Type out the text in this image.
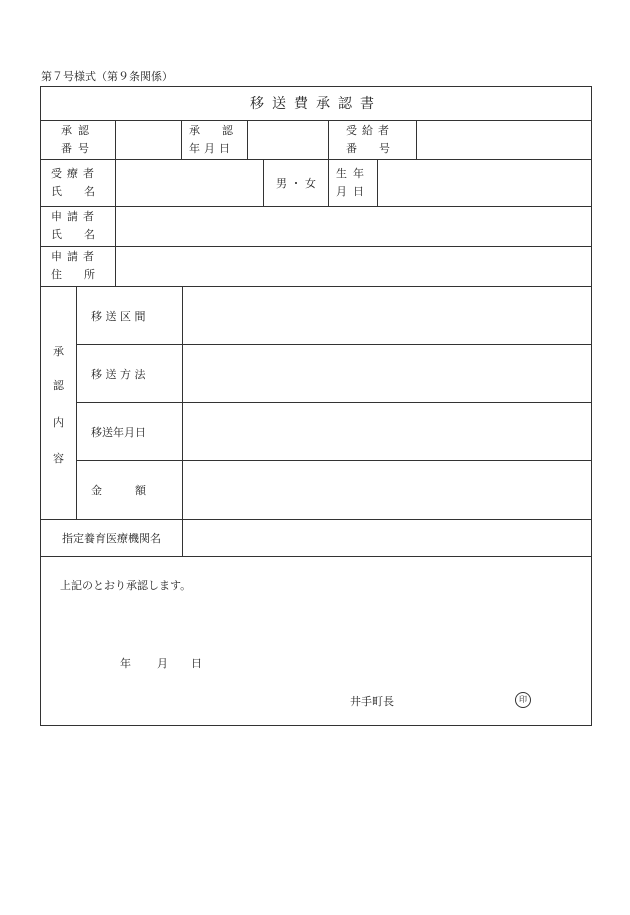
第７号様式（第９条関係）
移送費承認書
承認
番号
承　　認
年月日
受給者
番　　号
受療者
氏　　名
男 ・ 女
生年
月日
申請者
氏　　名
申請者
住　　所
承
認
内
容
移 送 区 間
移 送 方 法
移送年月日
金　　　額
指定養育医療機関名
上記のとおり承認します。
年 月 日
井手町長	印
